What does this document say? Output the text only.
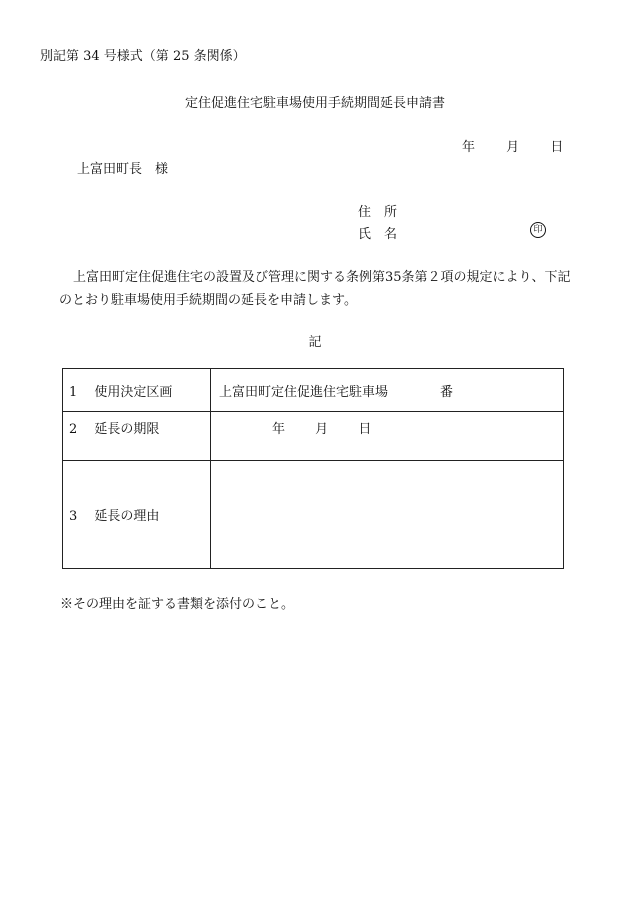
別記第 34 号様式（第 25 条関係）
定住促進住宅駐車場使用手続期間延長申請書
年 月 日
上富田町長　様
住　所
氏　名	印
上富田町定住促進住宅の設置及び管理に関する条例第35条第２項の規定により、下記のとおり駐車場使用手続期間の延長を申請します。
記
1　 使用決定区画	上富田町定住促進住宅駐車場 番
2　 延長の期限	年 月 日
3　 延長の理由	
※その理由を証する書類を添付のこと。
